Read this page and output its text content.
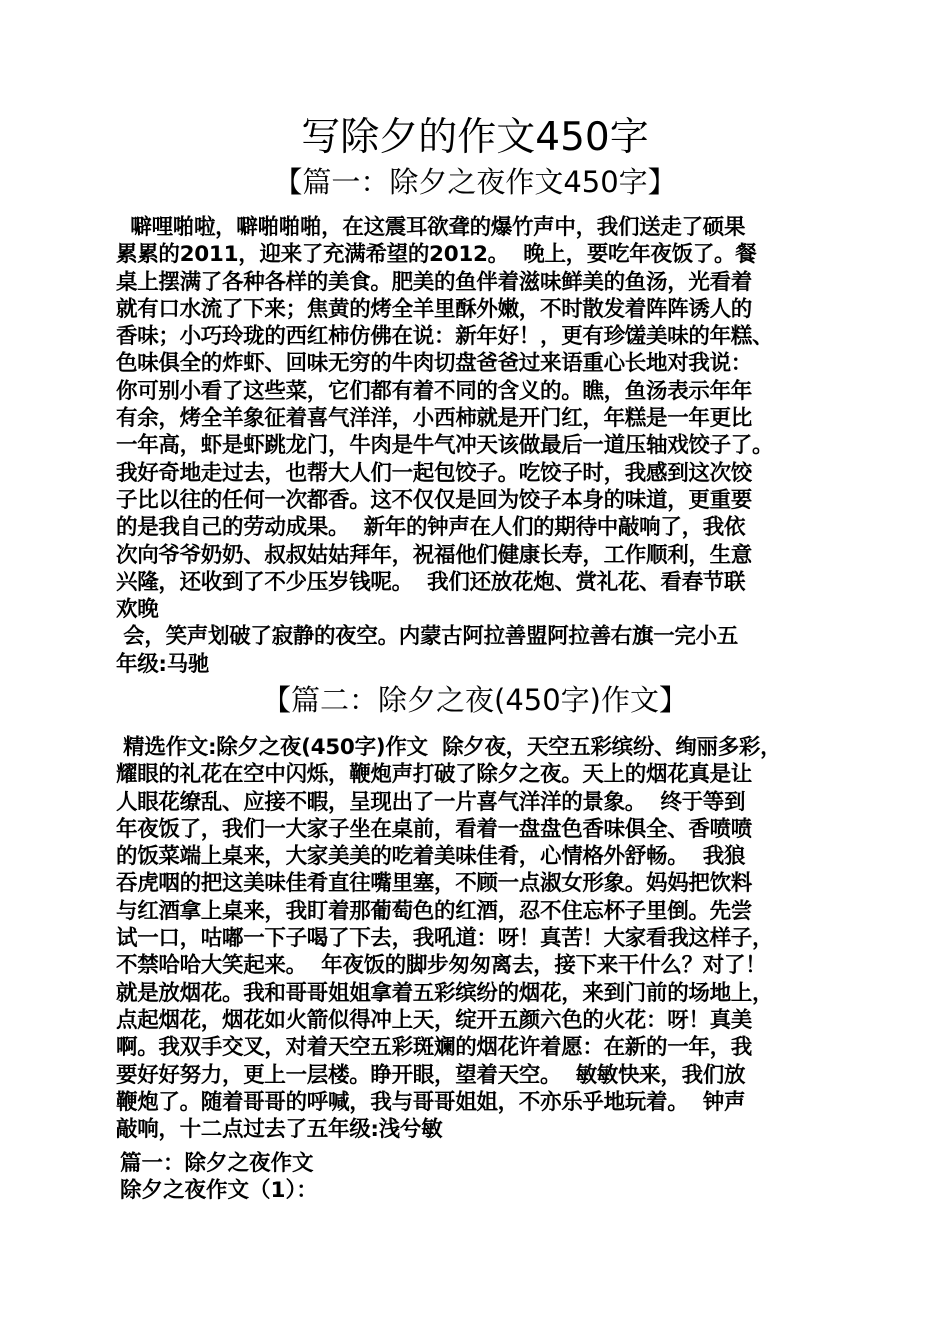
写除夕的作文450字
【篇一：除夕之夜作文450字】
噼哩啪啦，噼啪啪啪，在这震耳欲聋的爆竹声中，我们送走了硕果
累累的2011，迎来了充满希望的2012。  晚上，要吃年夜饭了。餐
桌上摆满了各种各样的美食。肥美的鱼伴着滋味鲜美的鱼汤，光看着
就有口水流了下来；焦黄的烤全羊里酥外嫩，不时散发着阵阵诱人的
香味；小巧玲珑的西红柿仿佛在说：新年好！，更有珍馐美味的年糕、
色味俱全的炸虾、回味无穷的牛肉切盘爸爸过来语重心长地对我说：
你可别小看了这些菜，它们都有着不同的含义的。瞧，鱼汤表示年年
有余，烤全羊象征着喜气洋洋，小西柿就是开门红，年糕是一年更比
一年高，虾是虾跳龙门，牛肉是牛气冲天该做最后一道压轴戏饺子了。
我好奇地走过去，也帮大人们一起包饺子。吃饺子时，我感到这次饺
子比以往的任何一次都香。这不仅仅是回为饺子本身的味道，更重要
的是我自己的劳动成果。  新年的钟声在人们的期待中敲响了，我依
次向爷爷奶奶、叔叔姑姑拜年，祝福他们健康长寿，工作顺利，生意
兴隆，还收到了不少压岁钱呢。  我们还放花炮、赏礼花、看春节联
欢晚
会，笑声划破了寂静的夜空。内蒙古阿拉善盟阿拉善右旗一完小五
年级:马驰
【篇二：除夕之夜(450字)作文】
精选作文:除夕之夜(450字)作文  除夕夜，天空五彩缤纷、绚丽多彩，
耀眼的礼花在空中闪烁，鞭炮声打破了除夕之夜。天上的烟花真是让
人眼花缭乱、应接不暇，呈现出了一片喜气洋洋的景象。  终于等到
年夜饭了，我们一大家子坐在桌前，看着一盘盘色香味俱全、香喷喷
的饭菜端上桌来，大家美美的吃着美味佳肴，心情格外舒畅。  我狼
吞虎咽的把这美味佳肴直往嘴里塞，不顾一点淑女形象。妈妈把饮料
与红酒拿上桌来，我盯着那葡萄色的红酒，忍不住忘杯子里倒。先尝
试一口，咕嘟一下子喝了下去，我吼道：呀！真苦！大家看我这样子，
不禁哈哈大笑起来。  年夜饭的脚步匆匆离去，接下来干什么？对了！
就是放烟花。我和哥哥姐姐拿着五彩缤纷的烟花，来到门前的场地上，
点起烟花，烟花如火箭似得冲上天，绽开五颜六色的火花：呀！真美
啊。我双手交叉，对着天空五彩斑斓的烟花许着愿：在新的一年，我
要好好努力，更上一层楼。睁开眼，望着天空。  敏敏快来，我们放
鞭炮了。随着哥哥的呼喊，我与哥哥姐姐，不亦乐乎地玩着。  钟声
敲响，十二点过去了五年级:浅兮敏
篇一：除夕之夜作文
除夕之夜作文（1）：
